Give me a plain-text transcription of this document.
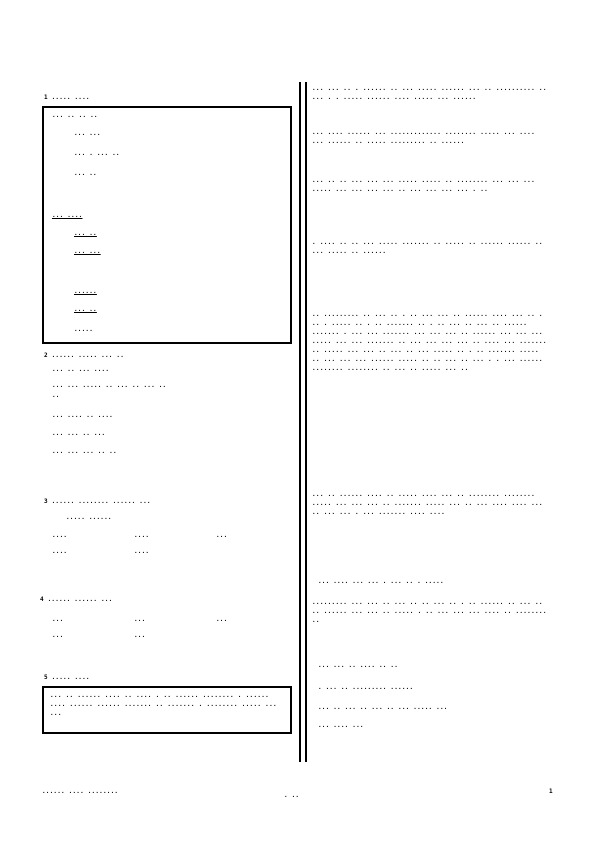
1 ..... ....
... .. .. ..
... ...
... . ... ..
... ..
... ....
... ..
... ...
......
... ..
.....
2 ...... ..... ... ..
... .. ... ....
... ... ..... .. ... .. ... ..
..
... .... .. ....
... ... .. ...
... ... ... .. ..
3 ...... ........ ...... ...
..... ......
....	....	...
....	....
4 ...... ...... ...
...	...	...
...	...
5 ..... ....
... .. ...... .... .. .... . .. ...... ........ . ...... .... ...... ...... ....... .. ....... . ........ ..... ... ...
... ... .. . ...... .. ... ..... ...... ... .. .......... .. ... . . ..... ...... .... ..... ... ......
... .... ...... ... ............. ........ ..... ... .... ... ...... .. ..... ......... .. ......
... .. .. ... ... ... ..... ..... .. ........ ... ... ... ..... ... ... ... ... .. ... ... ... ... . ..
. .... .. .. ... ..... ....... .. ..... .. ...... ...... .. ... ..... .. ......
.. ......... .. ... .. . .. ... ... .. ...... .... ... .. . .. . ..... .. . .. ....... .. . .. ... .. ... .. ...... ....... . ... ... ....... ... ... ... .. ...... ... ... ... ..... ... ... ....... .. ... ... ... ... .. .... ... ....... .. ..... ... ... .. ... .. ... ..... .. . .. ....... ..... .. ... ... ... ...... ..... .. .. ... .. ... . . ... ...... ........ ........ .. ... .. ..... ... ..
... .. ...... .... .. ..... .... ... .. ........ ........ ..... ... ... ... .. ....... ..... ... .. ... .... .... ... .. ... ... . ... ....... .... ....
... .... ... ... . ... .. . .....
......... ... ... .. ... .. .. ... .. . .. ...... .. ... .. .. ...... ... ... .. ..... . .. ... ... ... .... .. ........ ..
... ... .. .... .. ..
. ... .. ......... ......
... .. ... .. ... .. ... ..... ...
... .... ...
...... .... ........
. ..
1
